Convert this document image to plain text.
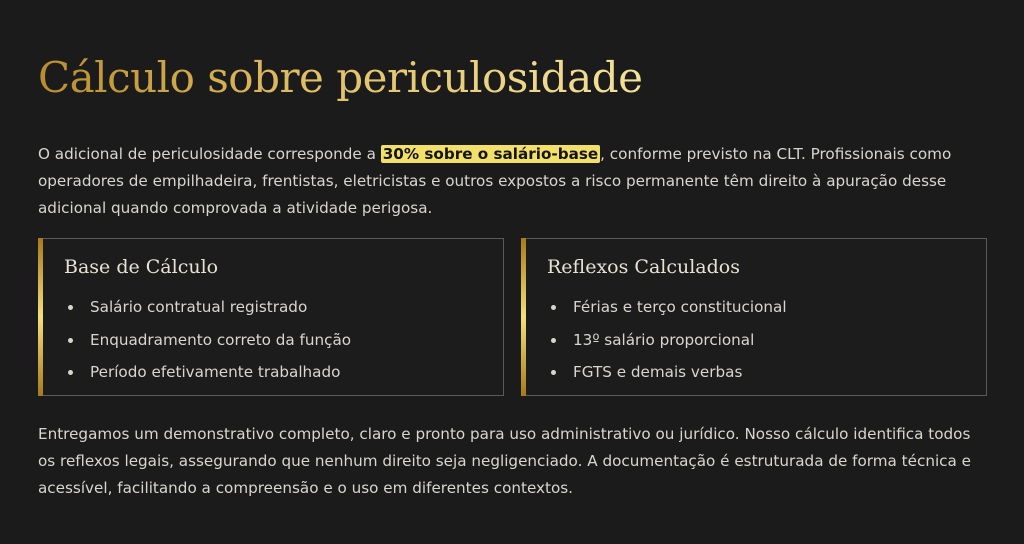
Cálculo sobre periculosidade

O adicional de periculosidade corresponde a 30% sobre o salário-base , conforme previsto na CLT. Profissionais como operadores de empilhadeira, frentistas, eletricistas e outros expostos a risco permanente têm direito à apuração desse adicional quando comprovada a atividade perigosa.

Base de Cálculo
Salário contratual registrado
Enquadramento correto da função
Período efetivamente trabalhado
Reflexos Calculados
Férias e terço constitucional
13º salário proporcional
FGTS e demais verbas

Entregamos um demonstrativo completo, claro e pronto para uso administrativo ou jurídico. Nosso cálculo identifica todos os reflexos legais, assegurando que nenhum direito seja negligenciado. A documentação é estruturada de forma técnica e acessível, facilitando a compreensão e o uso em diferentes contextos.
